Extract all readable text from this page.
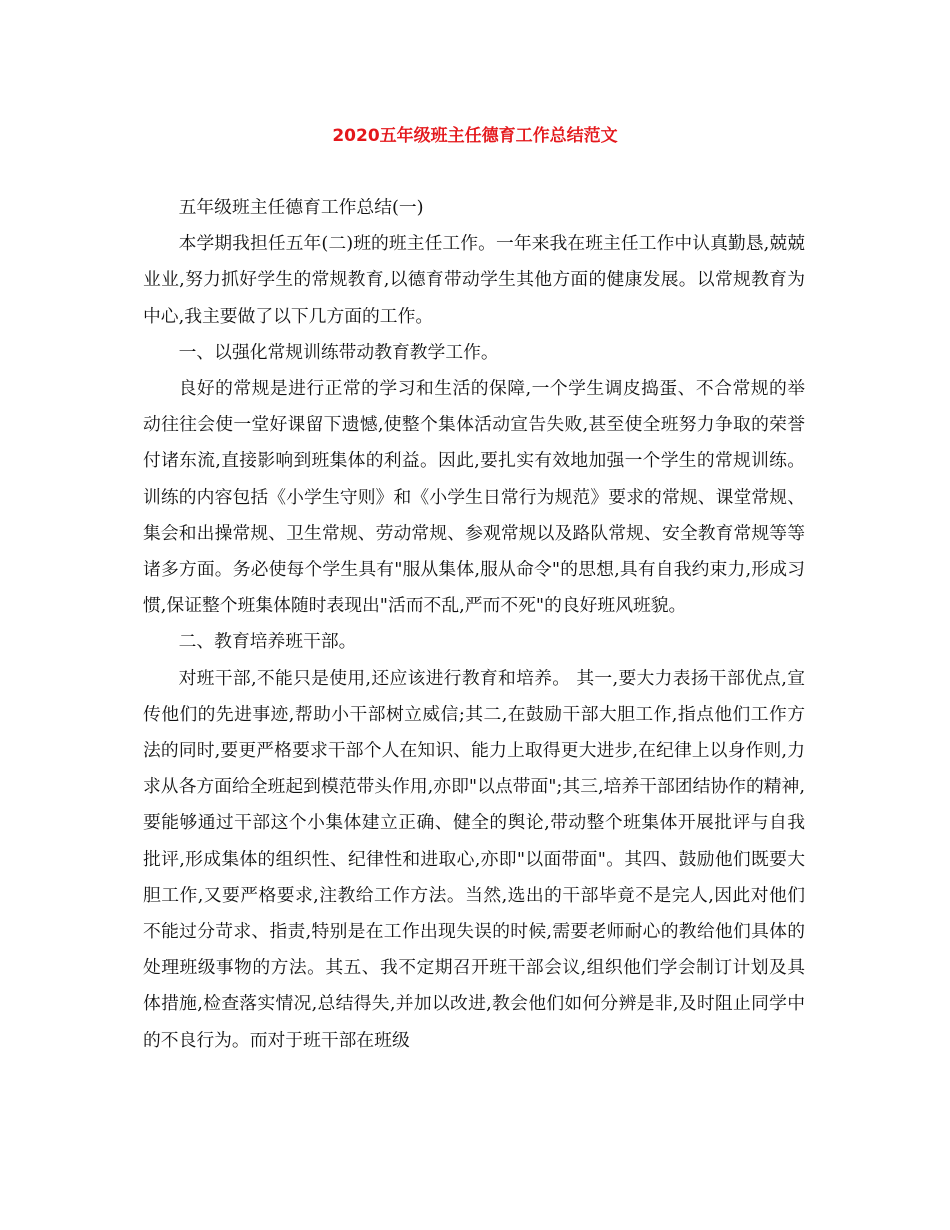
2020五年级班主任德育工作总结范文

五年级班主任德育工作总结(一)

本学期我担任五年(二)班的班主任工作。一年来我在班主任工作中认真勤恳,兢兢业业,努力抓好学生的常规教育,以德育带动学生其他方面的健康发展。以常规教育为中心,我主要做了以下几方面的工作。

一、以强化常规训练带动教育教学工作。

良好的常规是进行正常的学习和生活的保障,一个学生调皮捣蛋、不合常规的举动往往会使一堂好课留下遗憾,使整个集体活动宣告失败,甚至使全班努力争取的荣誉付诸东流,直接影响到班集体的利益。因此,要扎实有效地加强一个学生的常规训练。 训练的内容包括《小学生守则》和《小学生日常行为规范》要求的常规、课堂常规、集会和出操常规、卫生常规、劳动常规、参观常规以及路队常规、安全教育常规等等诸多方面。务必使每个学生具有"服从集体,服从命令"的思想,具有自我约束力,形成习惯,保证整个班集体随时表现出"活而不乱,严而不死"的良好班风班貌。

二、教育培养班干部。

对班干部,不能只是使用,还应该进行教育和培养。 其一,要大力表扬干部优点,宣传他们的先进事迹,帮助小干部树立威信;其二,在鼓励干部大胆工作,指点他们工作方法的同时,要更严格要求干部个人在知识、能力上取得更大进步,在纪律上以身作则,力求从各方面给全班起到模范带头作用,亦即"以点带面";其三,培养干部团结协作的精神,要能够通过干部这个小集体建立正确、健全的舆论,带动整个班集体开展批评与自我批评,形成集体的组织性、纪律性和进取心,亦即"以面带面"。其四、鼓励他们既要大胆工作,又要严格要求,注教给工作方法。当然,选出的干部毕竟不是完人,因此对他们不能过分苛求、指责,特别是在工作出现失误的时候,需要老师耐心的教给他们具体的处理班级事物的方法。其五、我不定期召开班干部会议,组织他们学会制订计划及具体措施,检查落实情况,总结得失,并加以改进,教会他们如何分辨是非,及时阻止同学中的不良行为。而对于班干部在班级
